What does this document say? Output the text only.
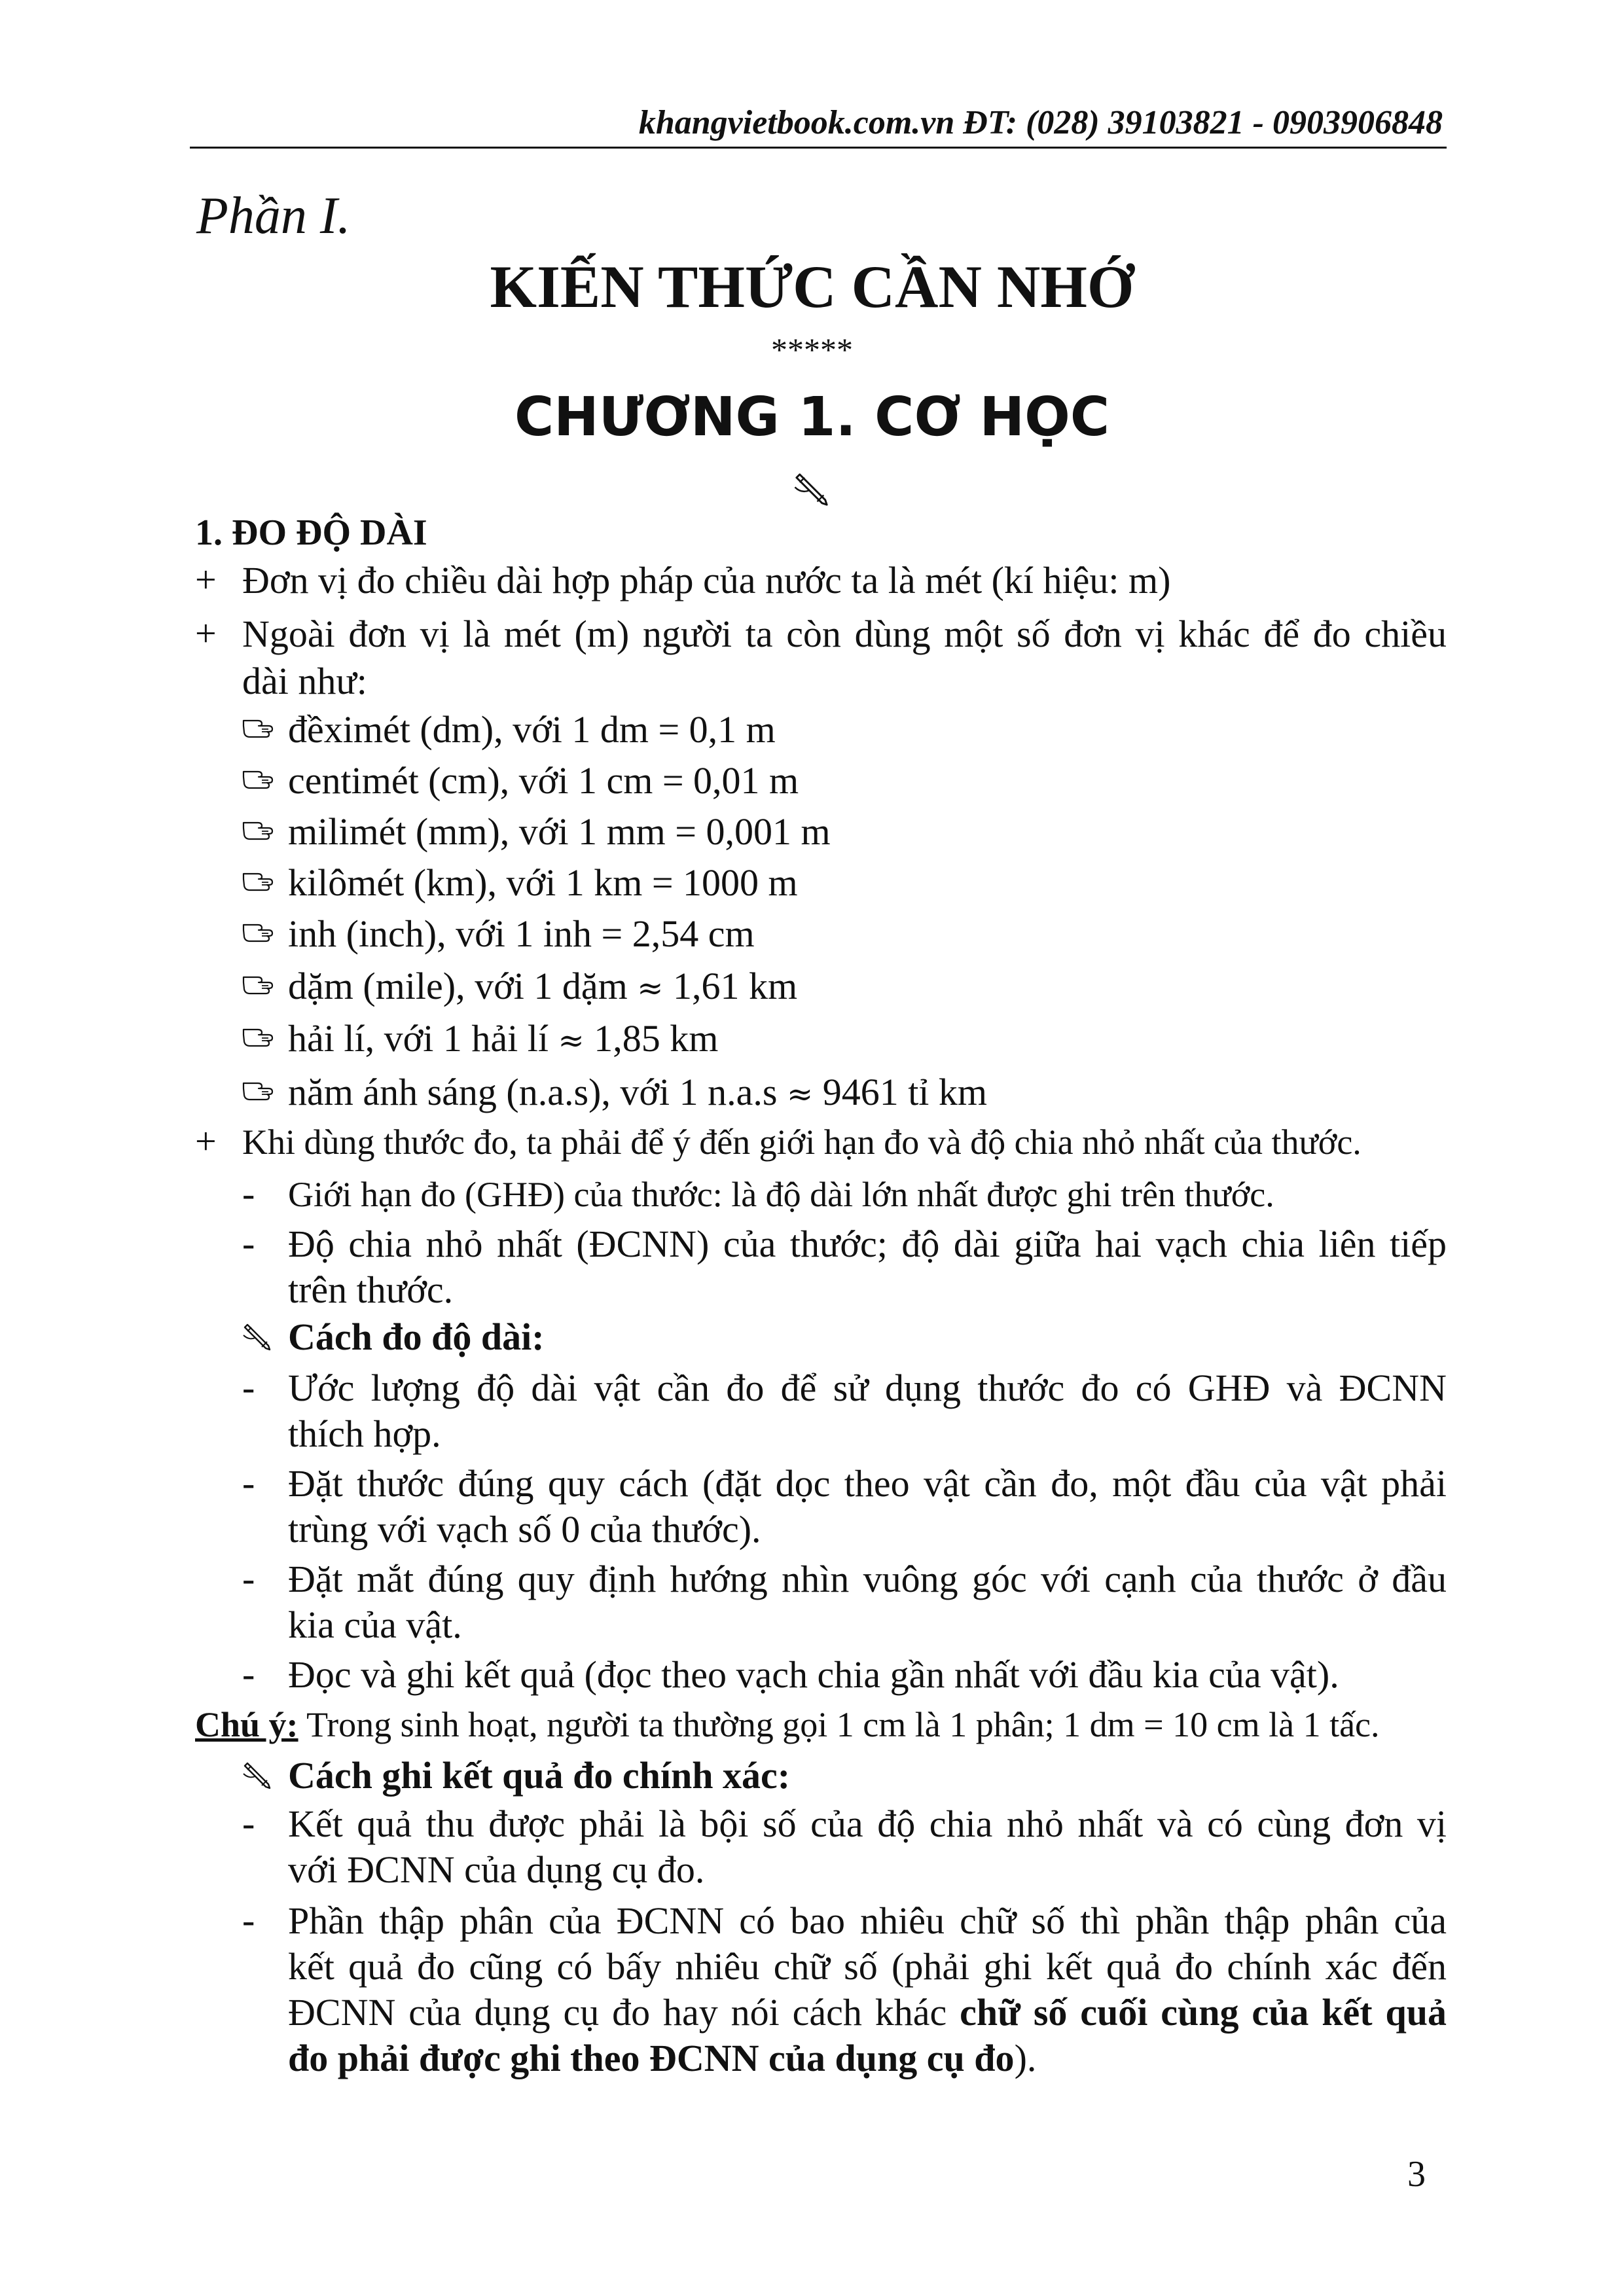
khangvietbook.com.vn ĐT: (028) 39103821 - 0903906848
Phần I.
KIẾN THỨC CẦN NHỚ
*****
CHƯƠNG 1. CƠ HỌC
1. ĐO ĐỘ DÀI
+ Đơn vị đo chiều dài hợp pháp của nước ta là mét (kí hiệu: m)
+ Ngoài đơn vị là mét (m) người ta còn dùng một số đơn vị khác để đo chiều
dài như:
đềximét (dm), với 1 dm = 0,1 m
centimét (cm), với 1 cm = 0,01 m
milimét (mm), với 1 mm = 0,001 m
kilômét (km), với 1 km = 1000 m
inh (inch), với 1 inh = 2,54 cm
dặm (mile), với 1 dặm ≈ 1,61 km
hải lí, với 1 hải lí ≈ 1,85 km
năm ánh sáng (n.a.s), với 1 n.a.s ≈ 9461 tỉ km
+ Khi dùng thước đo, ta phải để ý đến giới hạn đo và độ chia nhỏ nhất của thước.
- Giới hạn đo (GHĐ) của thước: là độ dài lớn nhất được ghi trên thước.
- Độ chia nhỏ nhất (ĐCNN) của thước; độ dài giữa hai vạch chia liên tiếp
trên thước.
Cách đo độ dài:
- Ước lượng độ dài vật cần đo để sử dụng thước đo có GHĐ và ĐCNN
thích hợp.
- Đặt thước đúng quy cách (đặt dọc theo vật cần đo, một đầu của vật phải
trùng với vạch số 0 của thước).
- Đặt mắt đúng quy định hướng nhìn vuông góc với cạnh của thước ở đầu
kia của vật.
- Đọc và ghi kết quả (đọc theo vạch chia gần nhất với đầu kia của vật).
Chú ý: Trong sinh hoạt, người ta thường gọi 1 cm là 1 phân; 1 dm = 10 cm là 1 tấc.
Cách ghi kết quả đo chính xác:
- Kết quả thu được phải là bội số của độ chia nhỏ nhất và có cùng đơn vị
với ĐCNN của dụng cụ đo.
- Phần thập phân của ĐCNN có bao nhiêu chữ số thì phần thập phân của
kết quả đo cũng có bấy nhiêu chữ số (phải ghi kết quả đo chính xác đến
ĐCNN của dụng cụ đo hay nói cách khác chữ số cuối cùng của kết quả
đo phải được ghi theo ĐCNN của dụng cụ đo).
3
